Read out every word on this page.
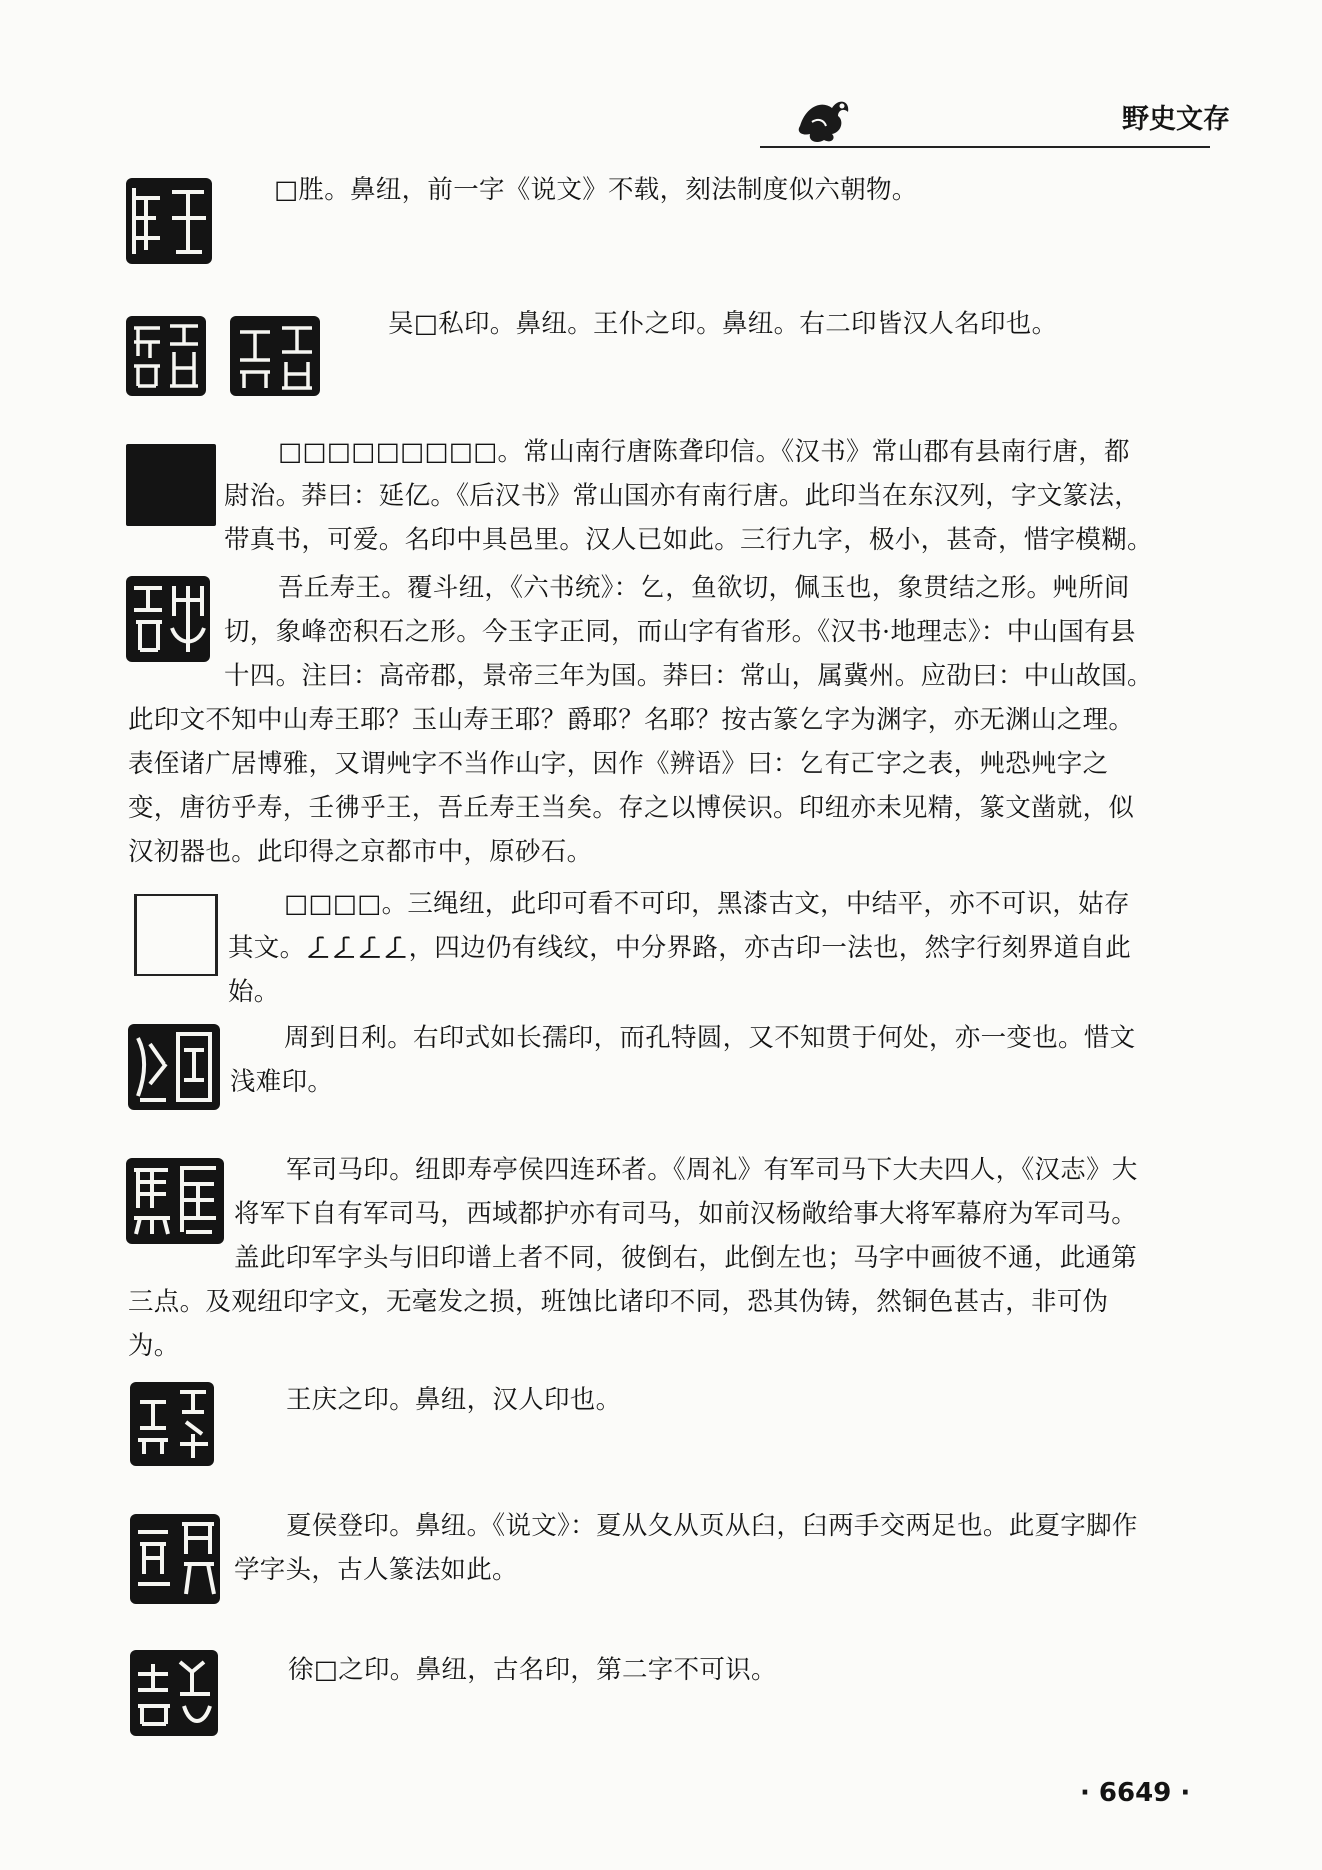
野史文存

□胜。鼻纽，前一字《说文》不载，刻法制度似六朝物。

吴□私印。鼻纽。王仆之印。鼻纽。右二印皆汉人名印也。

□□□□□□□□□。常山南行唐陈聋印信。《汉书》常山郡有县南行唐，都

尉治。莽曰：延亿。《后汉书》常山国亦有南行唐。此印当在东汉列，字文篆法，

带真书，可爱。名印中具邑里。汉人已如此。三行九字，极小，甚奇，惜字模糊。

吾丘寿王。覆斗纽，《六书统》：𠃉，鱼欲切，佩玉也，象贯结之形。𡴂所间

切，象峰峦积石之形。今玉字正同，而山字有省形。《汉书·地理志》：中山国有县

十四。注曰：高帝郡，景帝三年为国。莽曰：常山，属冀州。应劭曰：中山故国。

此印文不知中山寿王耶？玉山寿王耶？爵耶？名耶？按古篆𠃉字为渊字，亦无渊山之理。

表侄诸广居博雅，又谓𡴂字不当作山字，因作《辨语》曰：𠃉有𠀀字之表，𡴂恐𡴂字之

变，唐彷乎寿，壬彿乎王，吾丘寿王当矣。存之以博侯识。印纽亦未见精，篆文凿就，似

汉初器也。此印得之京都市中，原砂石。

□□□□。三绳纽，此印可看不可印，黑漆古文，中结平，亦不可识，姑存

其文。𠄏𠄏𠄏𠄏，四边仍有线纹，中分界路，亦古印一法也，然字行刻界道自此

始。

周到日利。右印式如长孺印，而孔特圆，又不知贯于何处，亦一变也。惜文

浅难印。

军司马印。纽即寿亭侯四连环者。《周礼》有军司马下大夫四人，《汉志》大

将军下自有军司马，西域都护亦有司马，如前汉杨敞给事大将军幕府为军司马。

盖此印军字头与旧印谱上者不同，彼倒右，此倒左也；马字中画彼不通，此通第

三点。及观纽印字文，无毫发之损，班蚀比诸印不同，恐其伪铸，然铜色甚古，非可伪

为。

王庆之印。鼻纽，汉人印也。

夏侯登印。鼻纽。《说文》：夏从夂从页从臼，臼两手交两足也。此夏字脚作

学字头，古人篆法如此。

徐□之印。鼻纽，古名印，第二字不可识。

· 6649 ·
